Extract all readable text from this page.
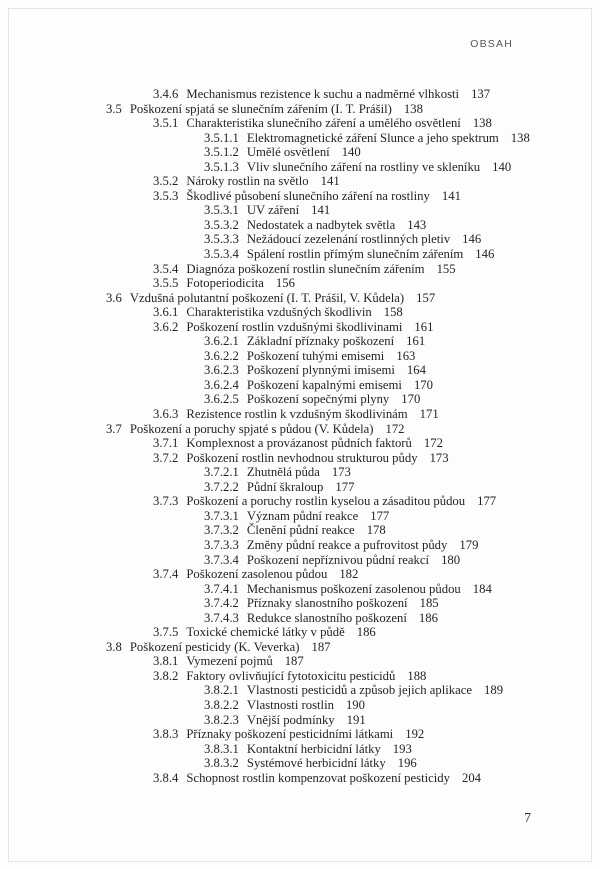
OBSAH
3.4.6 Mechanismus rezistence k suchu a nadměrné vlhkosti 137
3.5 Poškození spjatá se slunečním zářením (I. T. Prášil) 138
3.5.1 Charakteristika slunečního záření a umělého osvětlení 138
3.5.1.1 Elektromagnetické záření Slunce a jeho spektrum 138
3.5.1.2 Umělé osvětlení 140
3.5.1.3 Vliv slunečního záření na rostliny ve skleníku 140
3.5.2 Nároky rostlin na světlo 141
3.5.3 Škodlivé působení slunečního záření na rostliny 141
3.5.3.1 UV záření 141
3.5.3.2 Nedostatek a nadbytek světla 143
3.5.3.3 Nežádoucí zezelenání rostlinných pletiv 146
3.5.3.4 Spálení rostlin přímým slunečním zářením 146
3.5.4 Diagnóza poškození rostlin slunečním zářením 155
3.5.5 Fotoperiodicita 156
3.6 Vzdušná polutantní poškození (I. T. Prášil, V. Kůdela) 157
3.6.1 Charakteristika vzdušných škodlivin 158
3.6.2 Poškození rostlin vzdušnými škodlivinami 161
3.6.2.1 Základní příznaky poškození 161
3.6.2.2 Poškození tuhými emisemi 163
3.6.2.3 Poškození plynnými imisemi 164
3.6.2.4 Poškození kapalnými emisemi 170
3.6.2.5 Poškození sopečnými plyny 170
3.6.3 Rezistence rostlin k vzdušným škodlivinám 171
3.7 Poškození a poruchy spjaté s půdou (V. Kůdela) 172
3.7.1 Komplexnost a provázanost půdních faktorů 172
3.7.2 Poškození rostlin nevhodnou strukturou půdy 173
3.7.2.1 Zhutnělá půda 173
3.7.2.2 Půdní škraloup 177
3.7.3 Poškození a poruchy rostlin kyselou a zásaditou půdou 177
3.7.3.1 Význam půdní reakce 177
3.7.3.2 Členění půdní reakce 178
3.7.3.3 Změny půdní reakce a pufrovitost půdy 179
3.7.3.4 Poškození nepříznivou půdní reakcí 180
3.7.4 Poškození zasolenou půdou 182
3.7.4.1 Mechanismus poškození zasolenou půdou 184
3.7.4.2 Příznaky slanostního poškození 185
3.7.4.3 Redukce slanostního poškození 186
3.7.5 Toxické chemické látky v půdě 186
3.8 Poškození pesticidy (K. Veverka) 187
3.8.1 Vymezení pojmů 187
3.8.2 Faktory ovlivňující fytotoxicitu pesticidů 188
3.8.2.1 Vlastnosti pesticidů a způsob jejich aplikace 189
3.8.2.2 Vlastnosti rostlin 190
3.8.2.3 Vnější podmínky 191
3.8.3 Příznaky poškození pesticidními látkami 192
3.8.3.1 Kontaktní herbicidní látky 193
3.8.3.2 Systémové herbicidní látky 196
3.8.4 Schopnost rostlin kompenzovat poškození pesticidy 204
7
